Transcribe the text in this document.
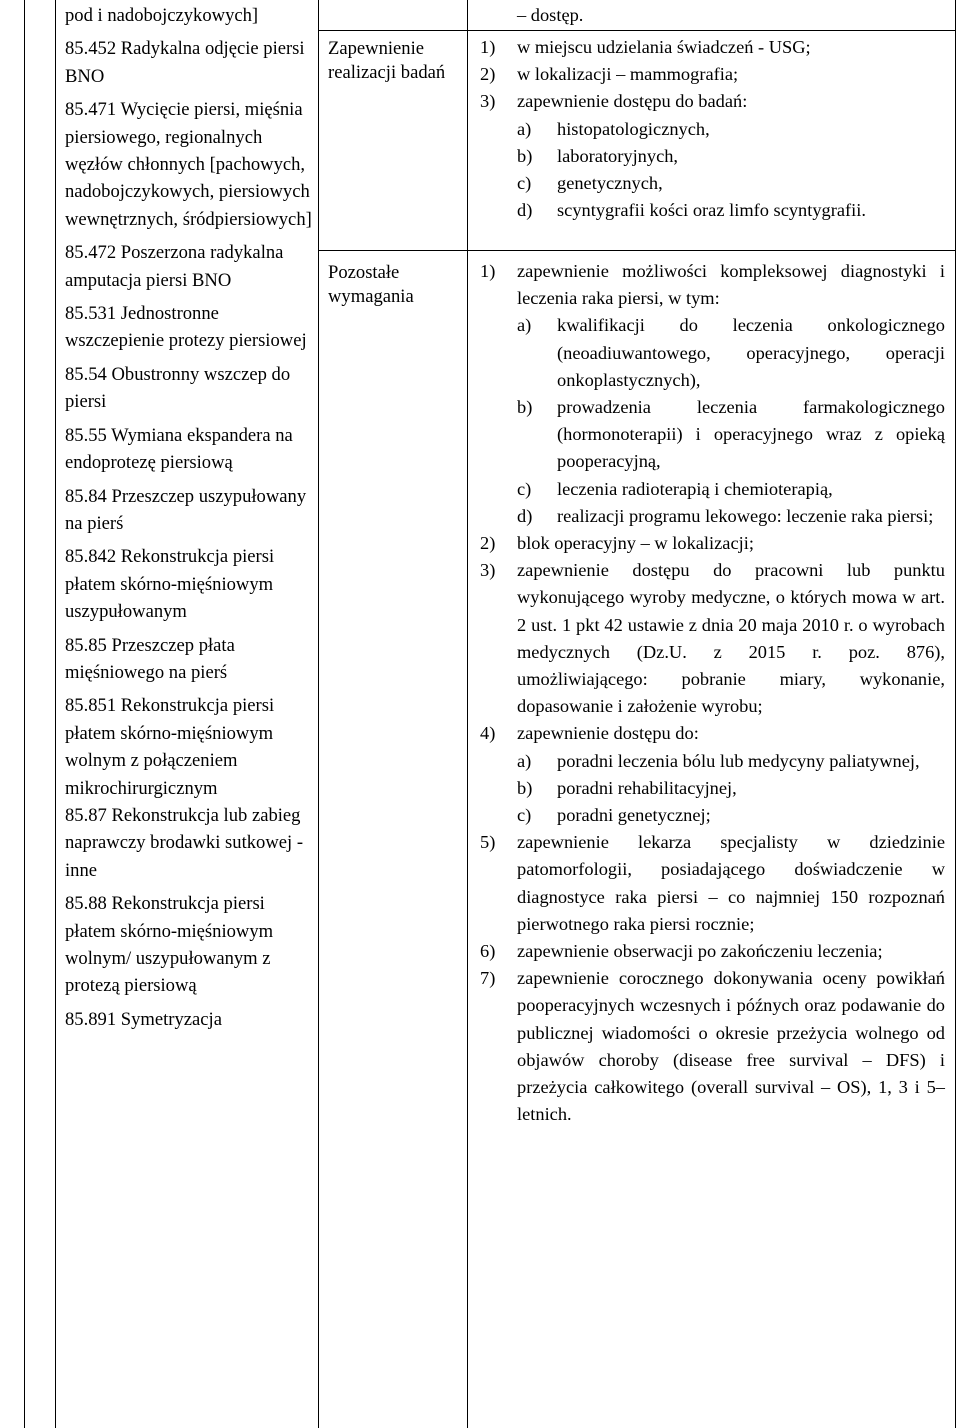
pod i nadobojczykowych]

85.452 Radykalna odjęcie piersi BNO

85.471 Wycięcie piersi, mięśnia piersiowego, regionalnych węzłów chłonnych [pachowych, nadobojczykowych, piersiowych wewnętrznych, śródpiersiowych]

85.472 Poszerzona radykalna amputacja piersi BNO

85.531 Jednostronne wszczepienie protezy piersiowej

85.54 Obustronny wszczep do piersi

85.55 Wymiana ekspandera na endoprotezę piersiową

85.84 Przeszczep uszypułowany na pierś

85.842 Rekonstrukcja piersi płatem skórno-mięśniowym uszypułowanym

85.85 Przeszczep płata mięśniowego na pierś

85.851 Rekonstrukcja piersi płatem skórno-mięśniowym wolnym z połączeniem mikrochirurgicznym

85.87 Rekonstrukcja lub zabieg naprawczy brodawki sutkowej - inne

85.88 Rekonstrukcja piersi płatem skórno-mięśniowym wolnym/ uszypułowanym z protezą piersiową

85.891 Symetryzacja

– dostęp.
Zapewnienie realizacji badań
1) w miejscu udzielania świadczeń - USG;
2) w lokalizacji – mammografia;
3) zapewnienie dostępu do badań:
a) histopatologicznych,
b) laboratoryjnych,
c) genetycznych,
d) scyntygrafii kości oraz limfo scyntygrafii.
Pozostałe wymagania
1) zapewnienie możliwości kompleksowej diagnostyki i leczenia raka piersi, w tym:
a) kwalifikacji do leczenia onkologicznego (neoadiuwantowego, operacyjnego, operacji onkoplastycznych),
b) prowadzenia leczenia farmakologicznego (hormonoterapii) i operacyjnego wraz z opieką pooperacyjną,
c) leczenia radioterapią i chemioterapią,
d) realizacji programu lekowego: leczenie raka piersi;
2) blok operacyjny – w lokalizacji;
3) zapewnienie dostępu do pracowni lub punktu wykonującego wyroby medyczne, o których mowa w art. 2 ust. 1 pkt 42 ustawie z dnia 20 maja 2010 r. o wyrobach medycznych (Dz.U. z 2015 r. poz. 876), umożliwiającego: pobranie miary, wykonanie, dopasowanie i założenie wyrobu;
4) zapewnienie dostępu do:
a) poradni leczenia bólu lub medycyny paliatywnej,
b) poradni rehabilitacyjnej,
c) poradni genetycznej;
5) zapewnienie lekarza specjalisty w dziedzinie patomorfologii, posiadającego doświadczenie w diagnostyce raka piersi – co najmniej 150 rozpoznań pierwotnego raka piersi rocznie;
6) zapewnienie obserwacji po zakończeniu leczenia;
7) zapewnienie corocznego dokonywania oceny powikłań pooperacyjnych wczesnych i późnych oraz podawanie do publicznej wiadomości o okresie przeżycia wolnego od objawów choroby (disease free survival – DFS) i przeżycia całkowitego (overall survival – OS), 1, 3 i 5–letnich.
